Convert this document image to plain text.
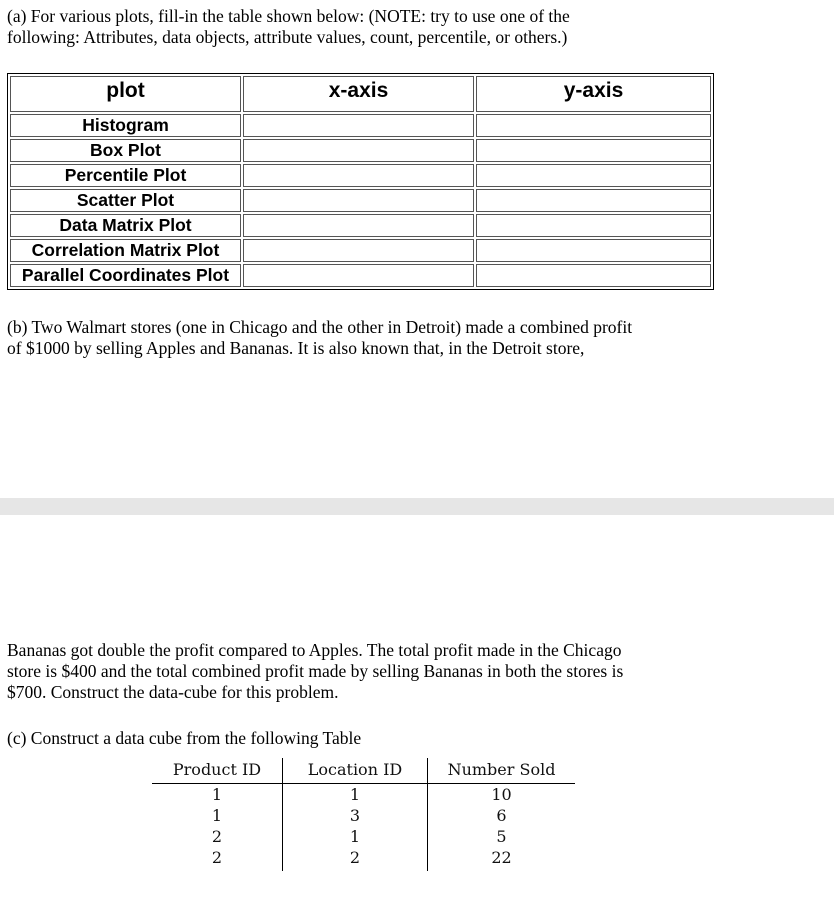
(a) For various plots, fill-in the table shown below: (NOTE: try to use one of the
following: Attributes, data objects, attribute values, count, percentile, or others.)

plot	x-axis	y-axis
Histogram		
Box Plot		
Percentile Plot		
Scatter Plot		
Data Matrix Plot		
Correlation Matrix Plot		
Parallel Coordinates Plot		

(b) Two Walmart stores (one in Chicago and the other in Detroit) made a combined profit
of $1000 by selling Apples and Bananas. It is also known that, in the Detroit store,

Bananas got double the profit compared to Apples. The total profit made in the Chicago
store is $400 and the total combined profit made by selling Bananas in both the stores is
$700. Construct the data-cube for this problem.

(c) Construct a data cube from the following Table

Product ID	Location ID	Number Sold
1	1	10
1	3	6
2	1	5
2	2	22
